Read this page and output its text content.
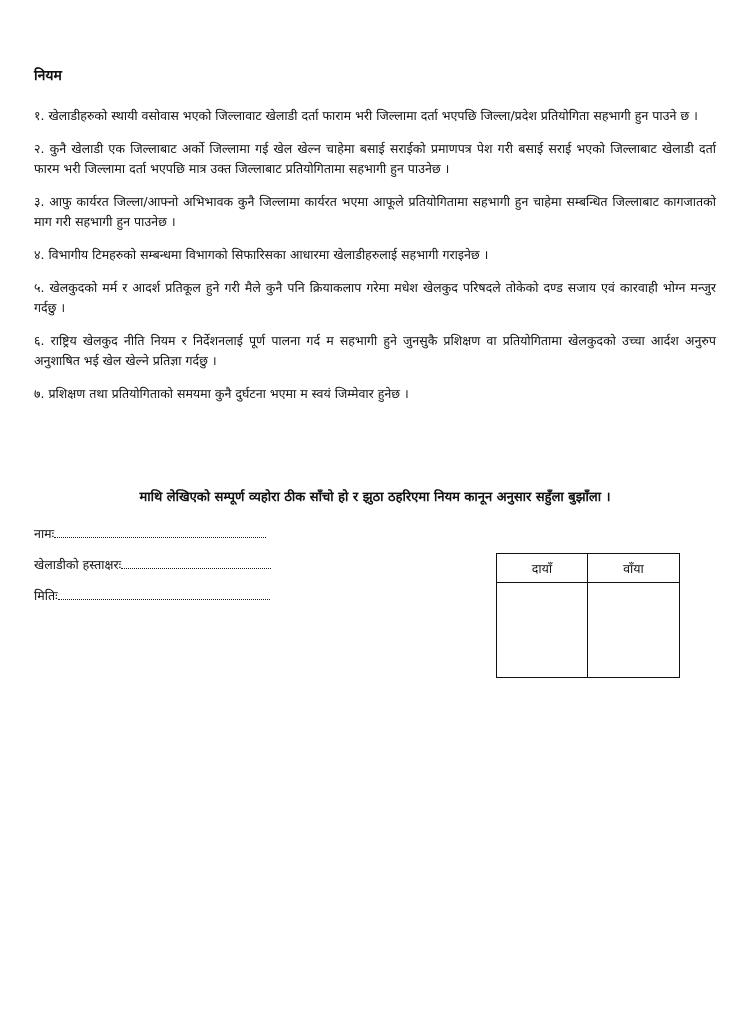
नियम
१. खेलाडीहरुको स्थायी वसोवास भएको जिल्लावाट खेलाडी दर्ता फाराम भरी जिल्लामा दर्ता भएपछि जिल्ला/प्रदेश प्रतियोगिता सहभागी हुन पाउने छ ।
२. कुनै खेलाडी एक जिल्लाबाट अर्को जिल्लामा गई खेल खेल्न चाहेमा बसाई सराईको प्रमाणपत्र पेश गरी बसाई सराई भएको जिल्लाबाट खेलाडी दर्ता फारम भरी जिल्लामा दर्ता भएपछि मात्र उक्त जिल्लाबाट प्रतियोगितामा सहभागी हुन पाउनेछ ।
३. आफु कार्यरत जिल्ला/आफ्नो अभिभावक कुनै जिल्लामा कार्यरत भएमा आफूले प्रतियोगितामा सहभागी हुन चाहेमा सम्बन्धित जिल्लाबाट कागजातको माग गरी सहभागी हुन पाउनेछ ।
४. विभागीय टिमहरुको सम्बन्धमा विभागको सिफारिसका आधारमा खेलाडीहरुलाई सहभागी गराइनेछ ।
५. खेलकुदको मर्म र आदर्श प्रतिकूल हुने गरी मैले कुनै पनि क्रियाकलाप गरेमा मधेश खेलकुद परिषदले तोकेको दण्ड सजाय एवं कारवाही भोग्न मन्जुर गर्दछु ।
६. राष्ट्रिय खेलकुद नीति नियम र निर्देशनलाई पूर्ण पालना गर्द म सहभागी हुने जुनसुकै प्रशिक्षण वा प्रतियोगितामा खेलकुदको उच्चा आर्दश अनुरुप अनुशाषित भई खेल खेल्ने प्रतिज्ञा गर्दछु ।
७. प्रशिक्षण तथा प्रतियोगिताको समयमा कुनै दुर्घटना भएमा म स्वयं जिम्मेवार हुनेछ ।
माथि लेखिएको सम्पूर्ण व्यहोरा ठीक साँचो हो र झुठा ठहरिएमा नियम कानून अनुसार सहुँला बुझाँला ।
नामः
खेलाडीको हस्ताक्षरः
मितिः
दायाँ	वाँया
